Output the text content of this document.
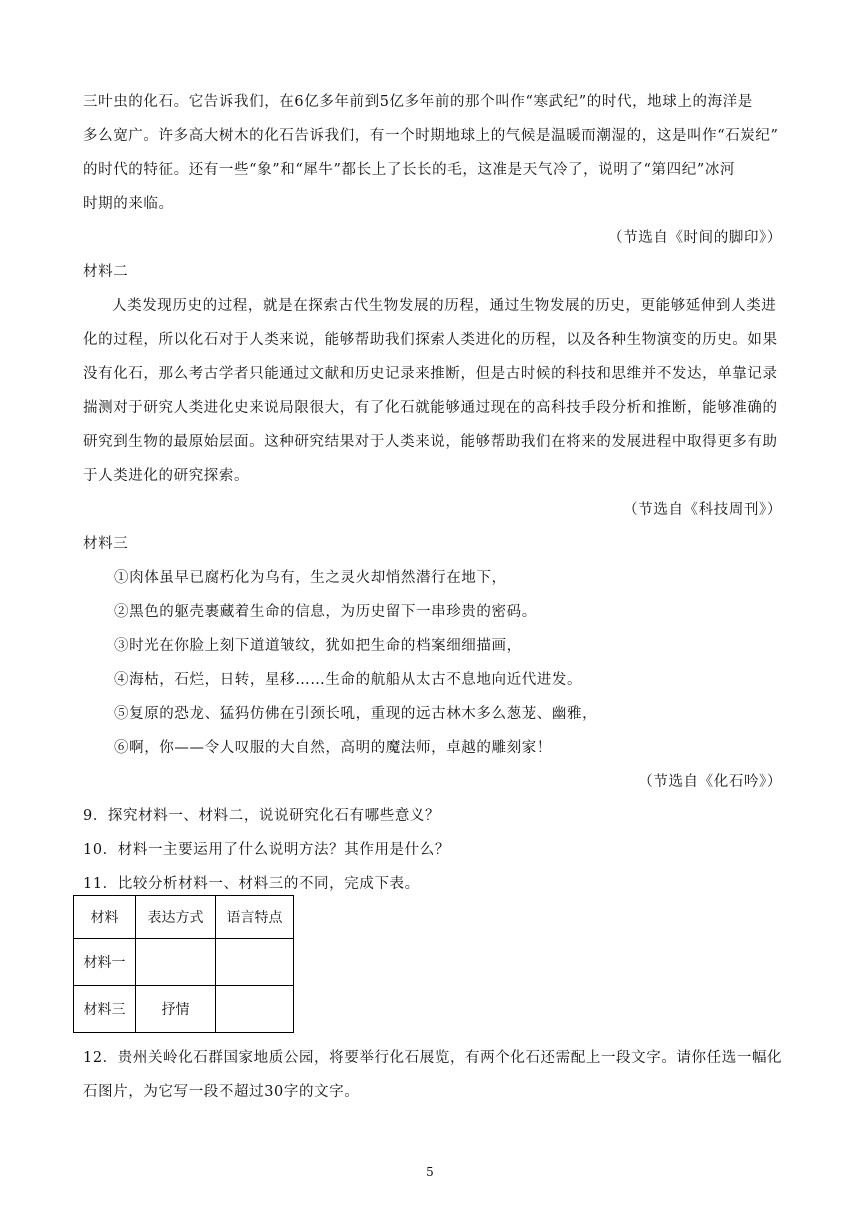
三叶虫的化石。它告诉我们，在6亿多年前到5亿多年前的那个叫作“寒武纪”的时代，地球上的海洋是
多么宽广。许多高大树木的化石告诉我们，有一个时期地球上的气候是温暖而潮湿的，这是叫作“石炭纪”
的时代的特征。还有一些“象”和“犀牛”都长上了长长的毛，这准是天气冷了，说明了“第四纪”冰河
时期的来临。
（节选自《时间的脚印》）
材料二
人类发现历史的过程，就是在探索古代生物发展的历程，通过生物发展的历史，更能够延伸到人类进
化的过程，所以化石对于人类来说，能够帮助我们探索人类进化的历程，以及各种生物演变的历史。如果
没有化石，那么考古学者只能通过文献和历史记录来推断，但是古时候的科技和思维并不发达，单靠记录
揣测对于研究人类进化史来说局限很大，有了化石就能够通过现在的高科技手段分析和推断，能够准确的
研究到生物的最原始层面。这种研究结果对于人类来说，能够帮助我们在将来的发展进程中取得更多有助
于人类进化的研究探索。
（节选自《科技周刊》）
材料三
①肉体虽早已腐朽化为乌有，生之灵火却悄然潜行在地下，
②黑色的躯壳裹藏着生命的信息，为历史留下一串珍贵的密码。
③时光在你脸上刻下道道皱纹，犹如把生命的档案细细描画，
④海枯，石烂，日转，星移……生命的航船从太古不息地向近代进发。
⑤复原的恐龙、猛犸仿佛在引颈长吼，重现的远古林木多么葱茏、幽雅，
⑥啊，你——令人叹服的大自然，高明的魔法师，卓越的雕刻家！
（节选自《化石吟》）
9．探究材料一、材料二，说说研究化石有哪些意义？
10．材料一主要运用了什么说明方法？其作用是什么？
11．比较分析材料一、材料三的不同，完成下表。
材料	表达方式	语言特点
材料一		
材料三	抒情	
12．贵州关岭化石群国家地质公园，将要举行化石展览，有两个化石还需配上一段文字。请你任选一幅化
石图片，为它写一段不超过30字的文字。
5
